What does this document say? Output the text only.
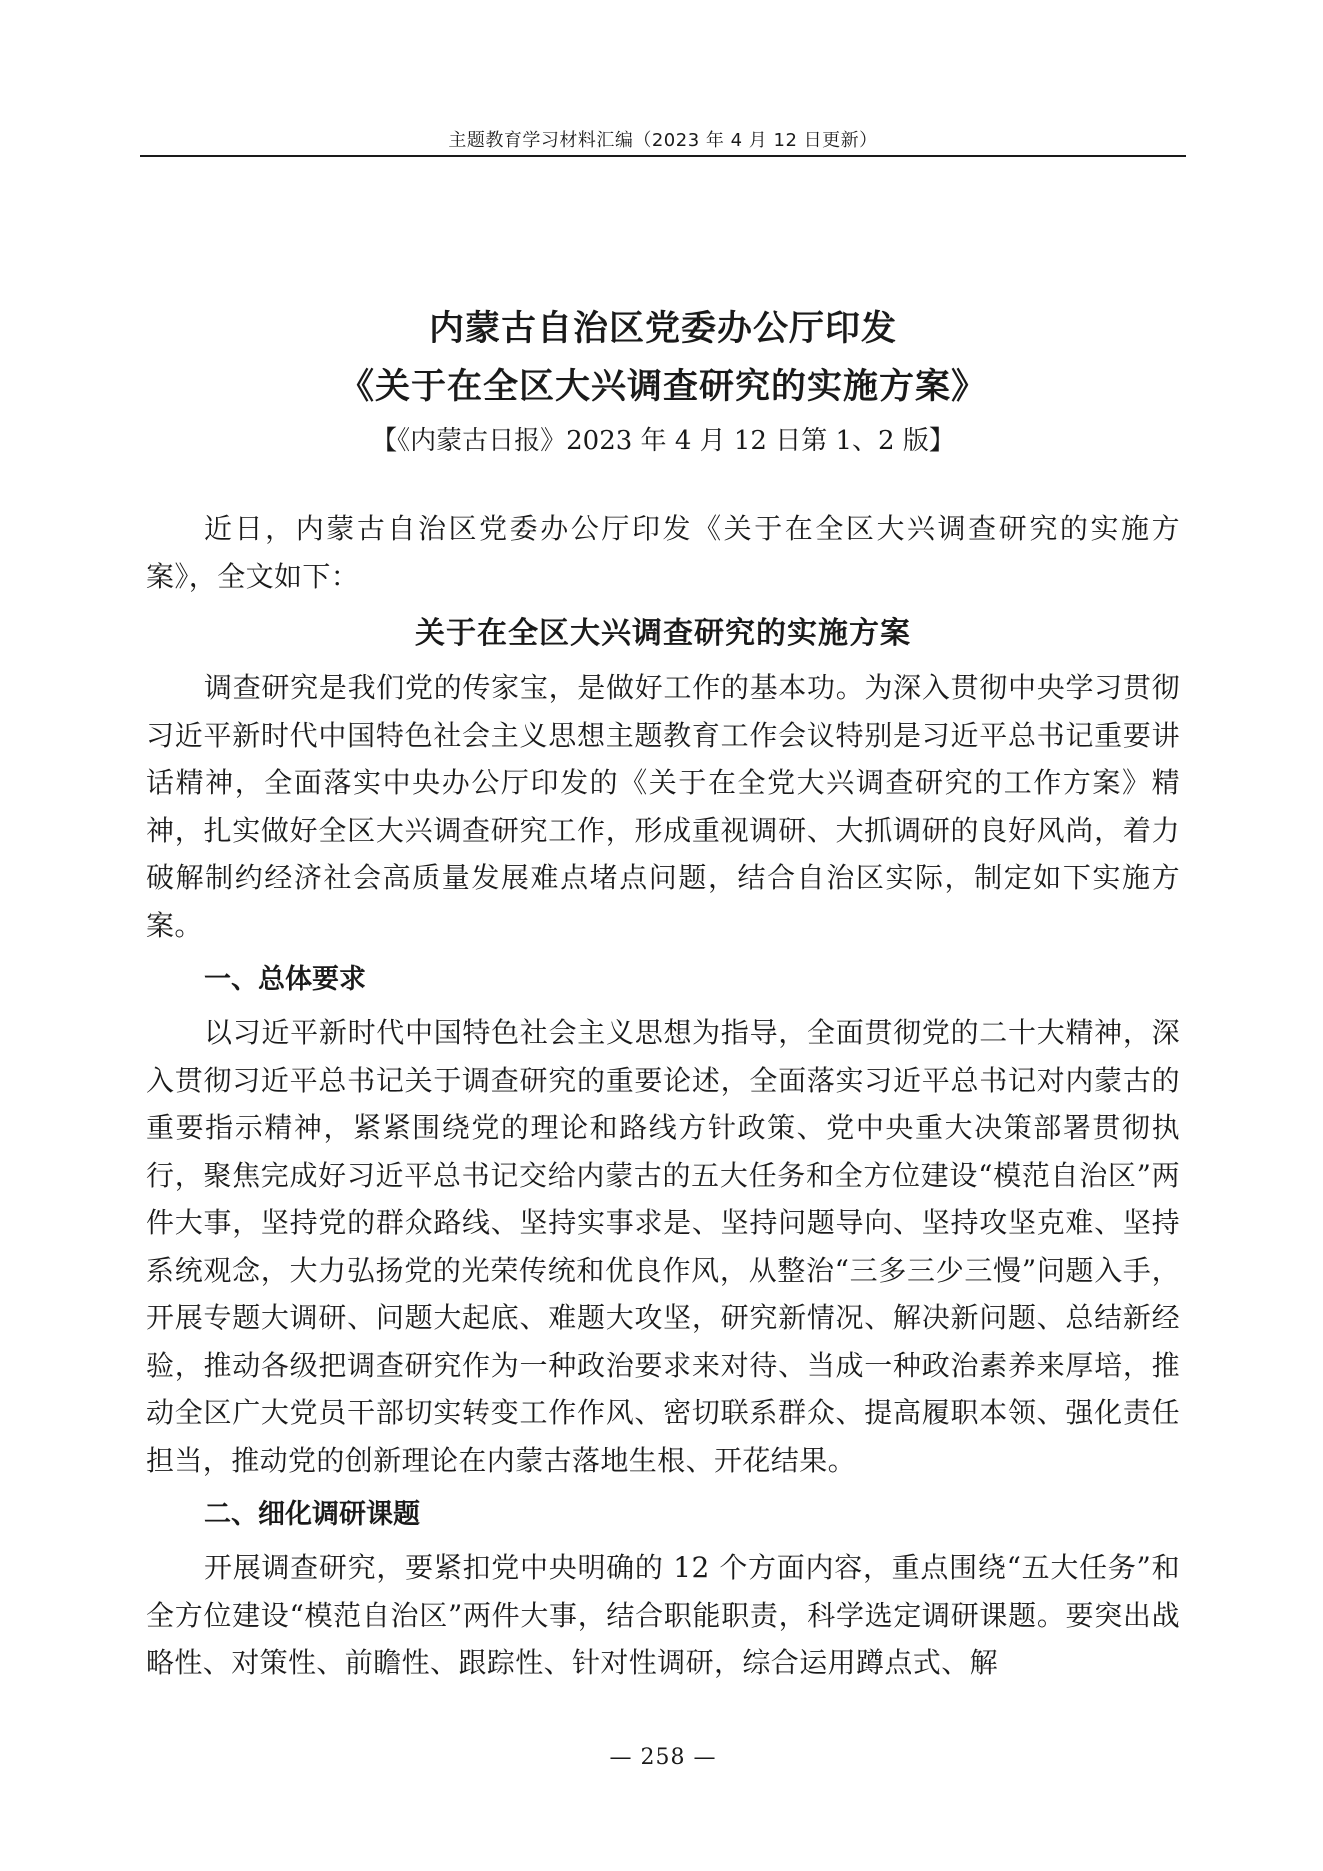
主题教育学习材料汇编（2023 年 4 月 12 日更新）
内蒙古自治区党委办公厅印发
《关于在全区大兴调查研究的实施方案》
【《内蒙古日报》2023 年 4 月 12 日第 1、2 版】

近日，内蒙古自治区党委办公厅印发《关于在全区大兴调查研究的实施方案》，全文如下：

关于在全区大兴调查研究的实施方案

调查研究是我们党的传家宝，是做好工作的基本功。为深入贯彻中央学习贯彻习近平新时代中国特色社会主义思想主题教育工作会议特别是习近平总书记重要讲话精神，全面落实中央办公厅印发的《关于在全党大兴调查研究的工作方案》精神，扎实做好全区大兴调查研究工作，形成重视调研、大抓调研的良好风尚，着力破解制约经济社会高质量发展难点堵点问题，结合自治区实际，制定如下实施方案。

一、总体要求

以习近平新时代中国特色社会主义思想为指导，全面贯彻党的二十大精神，深入贯彻习近平总书记关于调查研究的重要论述，全面落实习近平总书记对内蒙古的重要指示精神，紧紧围绕党的理论和路线方针政策、党中央重大决策部署贯彻执行，聚焦完成好习近平总书记交给内蒙古的五大任务和全方位建设“模范自治区”两件大事，坚持党的群众路线、坚持实事求是、坚持问题导向、坚持攻坚克难、坚持系统观念，大力弘扬党的光荣传统和优良作风，从整治“三多三少三慢”问题入手，开展专题大调研、问题大起底、难题大攻坚，研究新情况、解决新问题、总结新经验，推动各级把调查研究作为一种政治要求来对待、当成一种政治素养来厚培，推动全区广大党员干部切实转变工作作风、密切联系群众、提高履职本领、强化责任担当，推动党的创新理论在内蒙古落地生根、开花结果。

二、细化调研课题

开展调查研究，要紧扣党中央明确的 12 个方面内容，重点围绕“五大任务”和全方位建设“模范自治区”两件大事，结合职能职责，科学选定调研课题。要突出战略性、对策性、前瞻性、跟踪性、针对性调研，综合运用蹲点式、解

— 258 —
